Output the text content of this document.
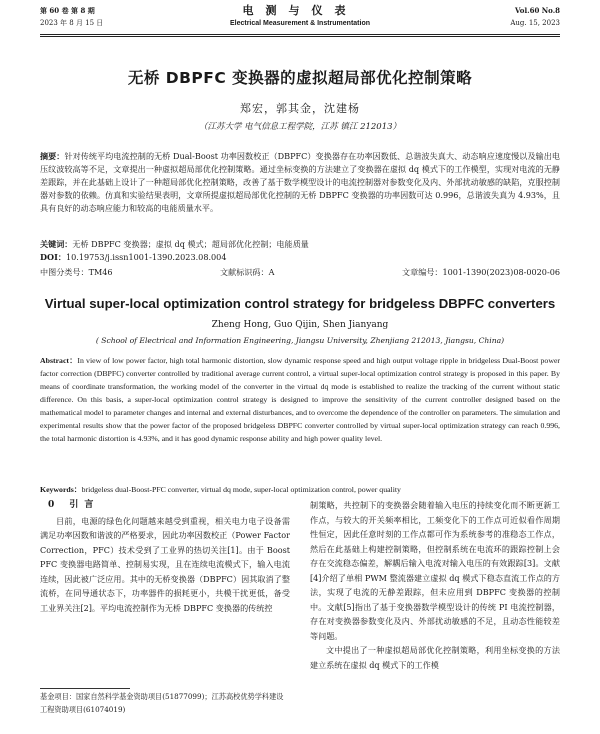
第 60 卷 第 8 期
2023 年 8 月 15 日
电测与仪表
Electrical Measurement & Instrumentation
Vol.60 No.8
Aug. 15, 2023
无桥 DBPFC 变换器的虚拟超局部优化控制策略
郑宏，郭其金，沈建杨
（江苏大学 电气信息工程学院，江苏 镇江 212013）
摘要：针对传统平均电流控制的无桥 Dual-Boost 功率因数校正（DBPFC）变换器存在功率因数低、总谐波失真大、动态响应速度慢以及输出电压纹波较高等不足，文章提出一种虚拟超局部优化控制策略。通过坐标变换的方法建立了变换器在虚拟 dq 模式下的工作模型，实现对电流的无静差跟踪，并在此基础上设计了一种超局部优化控制策略，改善了基于数学模型设计的电流控制器对参数变化及内、外部扰动敏感的缺陷，克服控制器对参数的依赖。仿真和实验结果表明，文章所提虚拟超局部优化控制的无桥 DBPFC 变换器的功率因数可达 0.996，总谐波失真为 4.93%，且具有良好的动态响应能力和较高的电能质量水平。
关键词：无桥 DBPFC 变换器；虚拟 dq 模式；超局部优化控制；电能质量
DOI：10.19753/j.issn1001-1390.2023.08.004
中图分类号：TM46	文献标识码：A	文章编号：1001-1390(2023)08-0020-06
Virtual super-local optimization control strategy for bridgeless DBPFC converters
Zheng Hong, Guo Qijin, Shen Jianyang
( School of Electrical and Information Engineering, Jiangsu University, Zhenjiang 212013, Jiangsu, China)
Abstract：In view of low power factor, high total harmonic distortion, slow dynamic response speed and high output voltage ripple in bridgeless Dual-Boost power factor correction (DBPFC) converter controlled by traditional average current control, a virtual super-local optimization control strategy is proposed in this paper. By means of coordinate transformation, the working model of the converter in the virtual dq mode is established to realize the tracking of the current without static difference. On this basis, a super-local optimization control strategy is designed to improve the sensitivity of the current controller designed based on the mathematical model to parameter changes and internal and external disturbances, and to overcome the dependence of the controller on parameters. The simulation and experimental results show that the power factor of the proposed bridgeless DBPFC converter controlled by virtual super-local optimization strategy can reach 0.996, the total harmonic distortion is 4.93%, and it has good dynamic response ability and high power quality level.
Keywords：bridgeless dual-Boost-PFC converter, virtual dq mode, super-local optimization control, power quality
0 引言

目前，电源的绿色化问题越来越受到重视，相关电力电子设备需满足功率因数和谐波的严格要求，因此功率因数校正（Power Factor Correction，PFC）技术受到了工业界的热切关注[1]。由于 Boost PFC 变换器电路简单、控制易实现，且在连续电流模式下，输入电流连续，因此被广泛应用。其中的无桥变换器（DBPFC）因其取消了整流桥，在同导通状态下，功率器件的损耗更小，共模干扰更低，备受工业界关注[2]。平均电流控制作为无桥 DBPFC 变换器的传统控

制策略，共控制下的变换器会随着输入电压的持续变化而不断更新工作点，与较大的开关频率相比，工频变化下的工作点可近似看作周期性恒定，因此任意时刻的工作点都可作为系统参考的准稳态工作点，然后在此基础上构建控制策略，但控制系统在电流环的跟踪控制上会存在交流稳态偏差，解耦后输入电流对输入电压的有效跟踪[3]。文献[4]介绍了单相 PWM 整流器建立虚拟 dq 模式下稳态直流工作点的方法，实现了电流的无静差跟踪，但未应用到 DBPFC 变换器的控制中。文献[5]指出了基于变换器数学模型设计的传统 PI 电流控制器，存在对变换器参数变化及内、外部扰动敏感的不足，且动态性能较差等问题。

文中提出了一种虚拟超局部优化控制策略，利用坐标变换的方法建立系统在虚拟 dq 模式下的工作模

基金项目：国家自然科学基金资助项目(51877099)；江苏高校优势学科建设工程资助项目(61074019)
